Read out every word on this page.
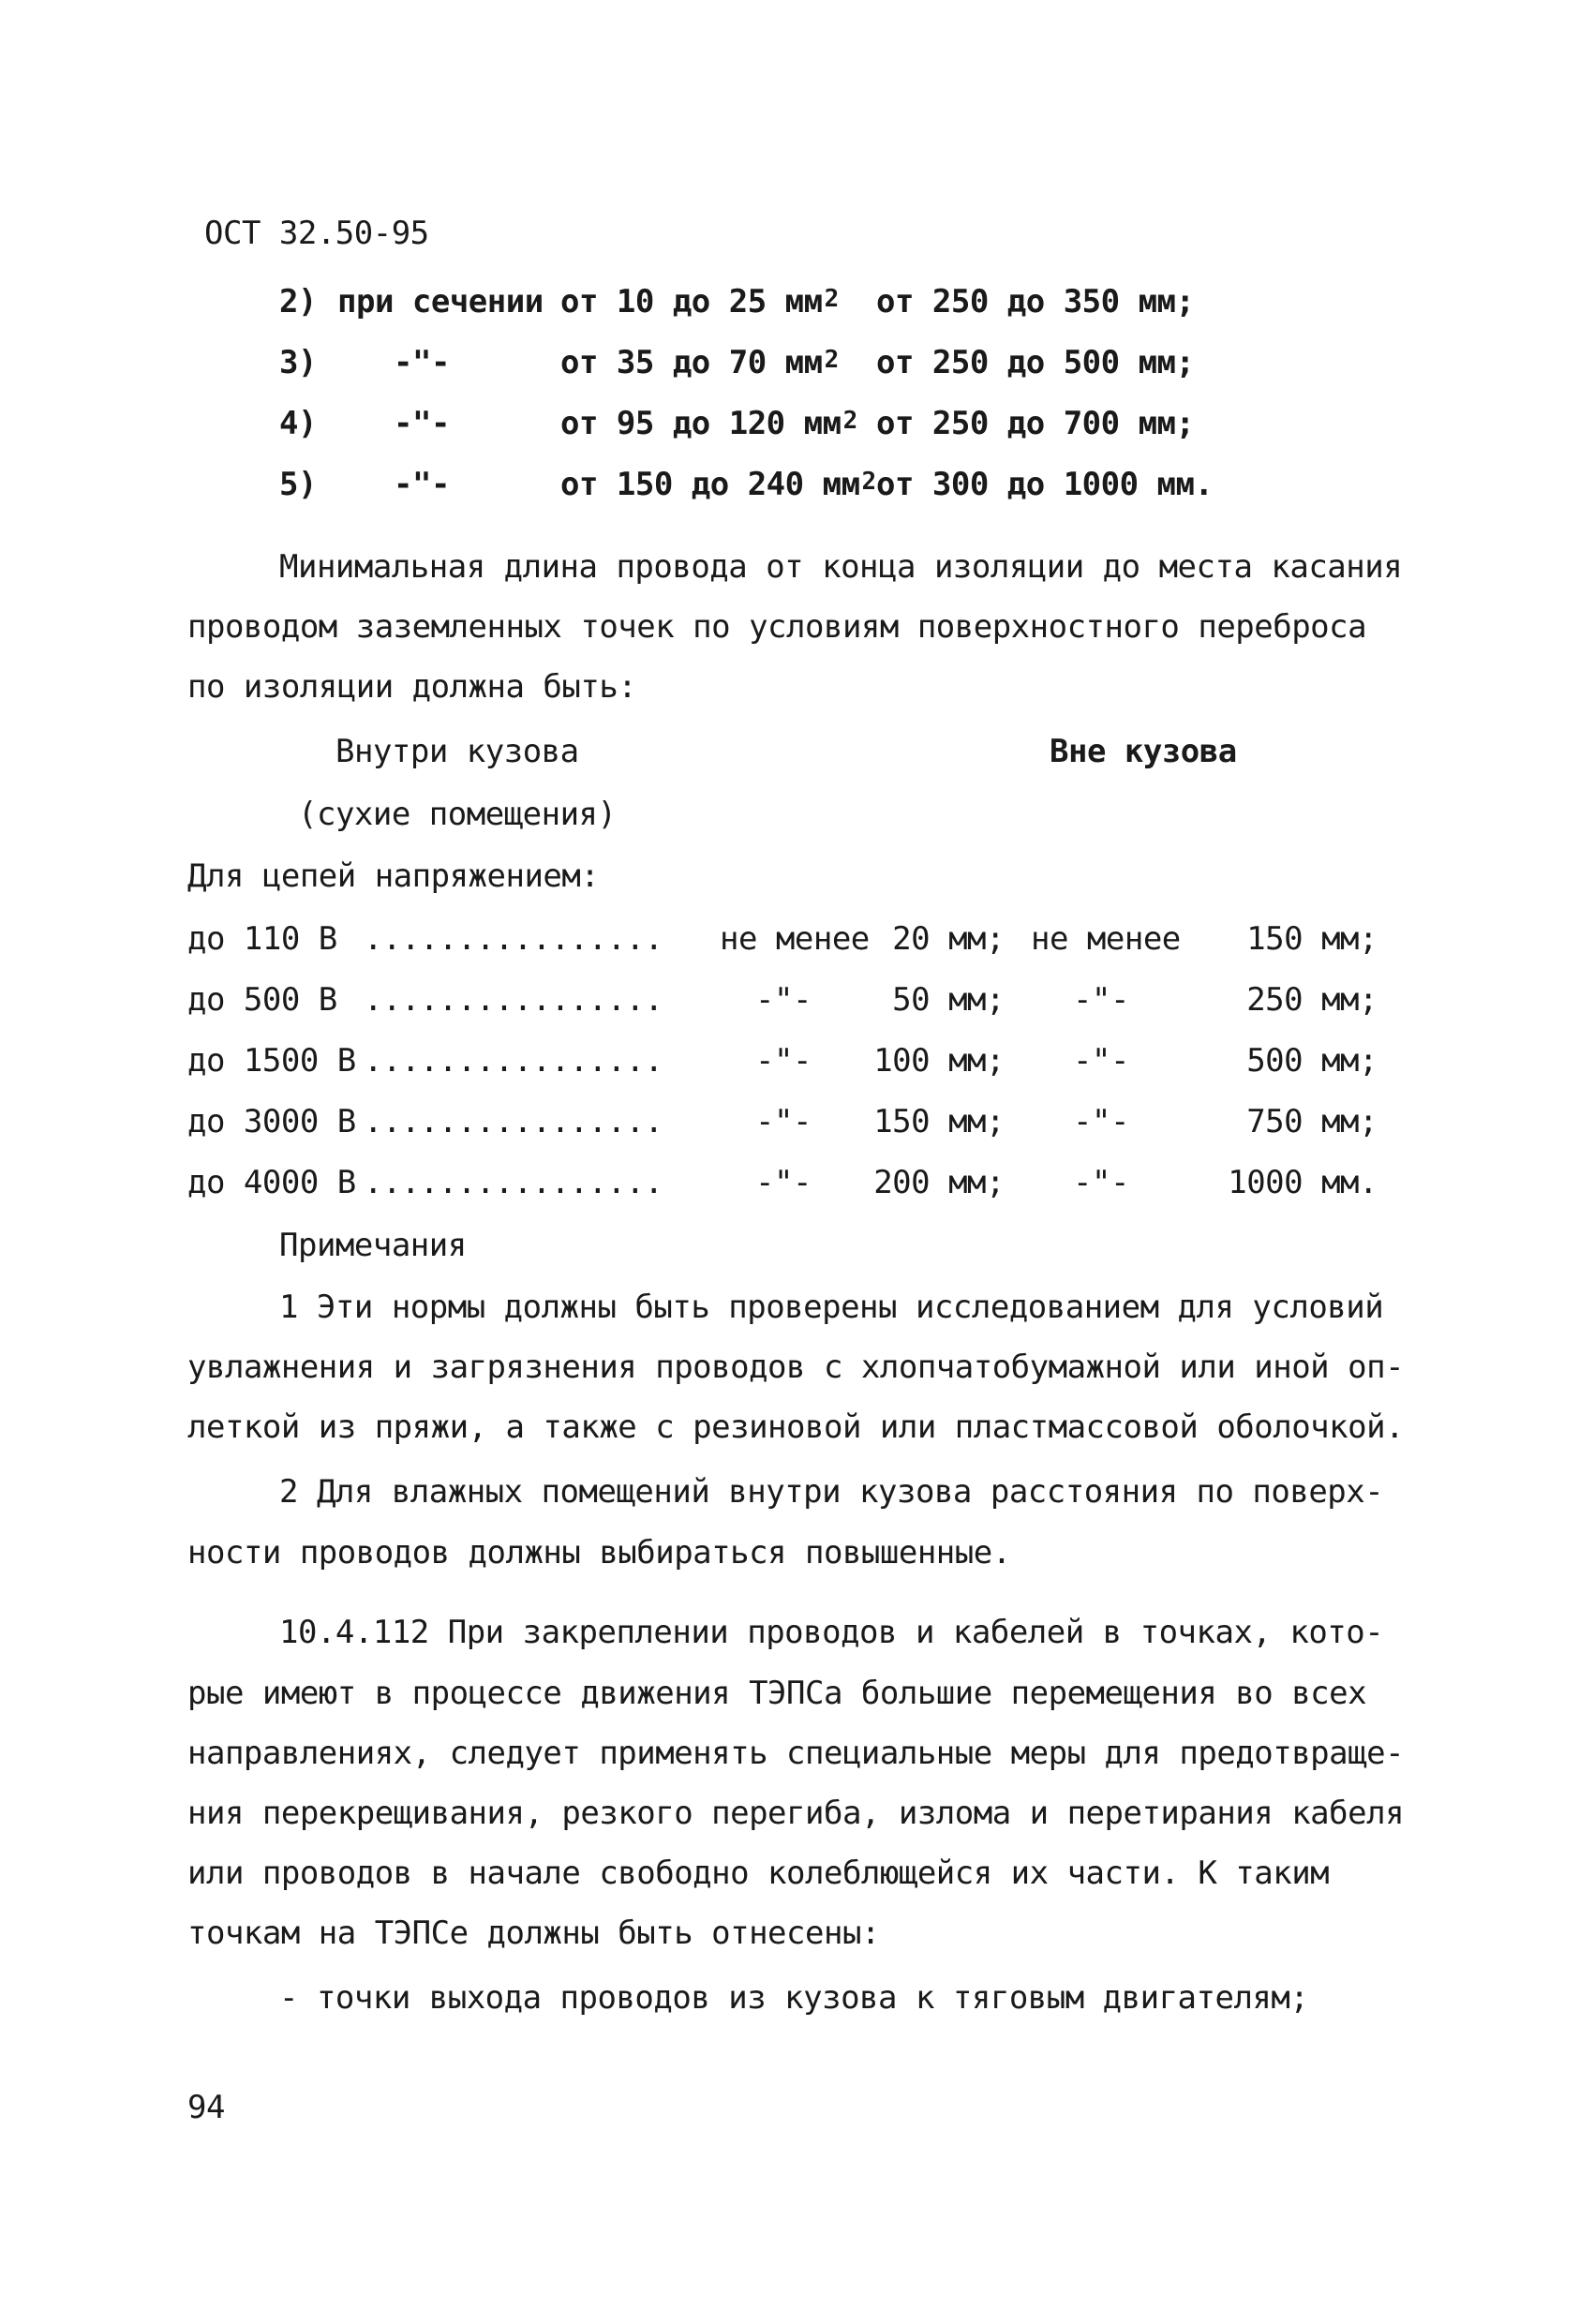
ОСТ 32.50-95
2) при сечении от 10 до 25 $мм^2$ от 250 до 350 мм;
3) -"-	от 35 до 70 $мм^2$ от 250 до 500 мм;
4) -"-	от 95 до 120 $мм^2$ от 250 до 700 мм;
5) -"-	от 150 до 240 $мм^2$ от 300 до 1000 мм.
Минимальная длина провода от конца изоляции до места касания
проводом заземленных точек по условиям поверхностного переброса
по изоляции должна быть:
Внутри кузова
(сухие помещения)
Вне кузова
Для цепей напряжением:
до 110 В ................ не менее 20 мм; не менее	150 мм;
до 500 В ................	-"-	50 мм; -"-	250 мм;
до 1500 В ................	-"-	100 мм; -"-	500 мм;
до 3000 В ................	-"-	150 мм; -"-	750 мм;
до 4000 В ................	-"-	200 мм; -"-	1000 мм.
Примечания
1 Эти нормы должны быть проверены исследованием для условий
увлажнения и загрязнения проводов с хлопчатобумажной или иной оп-
леткой из пряжи, а также с резиновой или пластмассовой оболочкой.
2 Для влажных помещений внутри кузова расстояния по поверх-
ности проводов должны выбираться повышенные.
10.4.112 При закреплении проводов и кабелей в точках, кото-
рые имеют в процессе движения ТЭПСа большие перемещения во всех
направлениях, следует применять специальные меры для предотвраще-
ния перекрещивания, резкого перегиба, излома и перетирания кабеля
или проводов в начале свободно колеблющейся их части. К таким
точкам на ТЭПСе должны быть отнесены:
- точки выхода проводов из кузова к тяговым двигателям;
94
